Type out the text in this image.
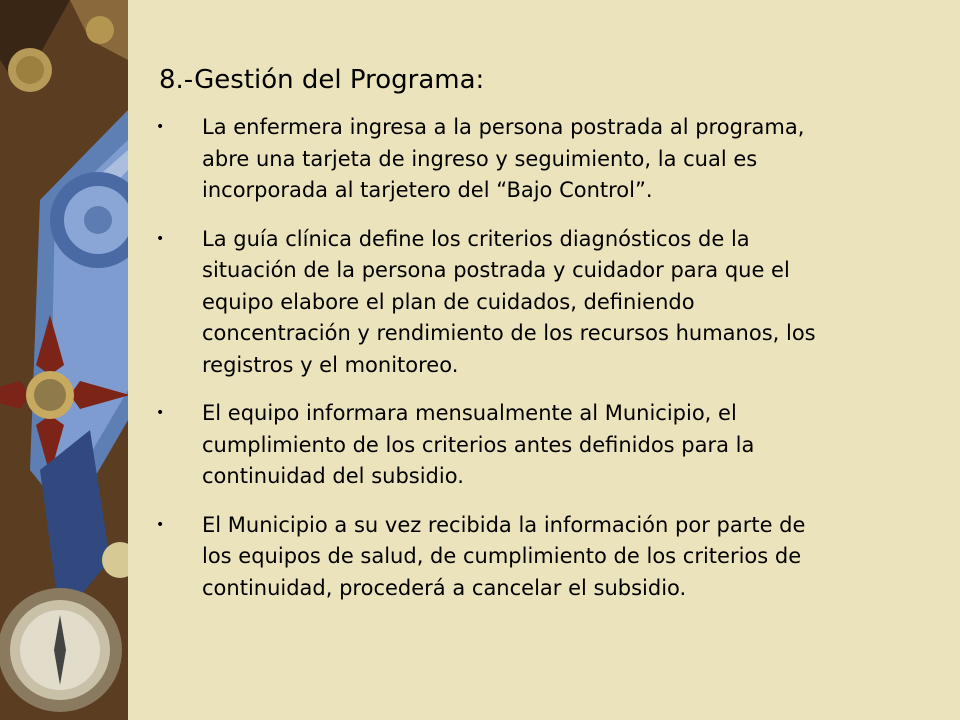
8.-Gestión del Programa:
• La enfermera ingresa a la persona postrada al programa,
abre una tarjeta de ingreso y seguimiento, la cual es
incorporada al tarjetero del “Bajo Control”.
• La guía clínica define los criterios diagnósticos de la
situación de la persona postrada y cuidador para que el
equipo elabore el plan de cuidados, definiendo
concentración y rendimiento de los recursos humanos, los
registros y el monitoreo.
• El equipo informara mensualmente al Municipio, el
cumplimiento de los criterios antes definidos para la
continuidad del subsidio.
• El Municipio a su vez recibida la información por parte de
los equipos de salud, de cumplimiento de los criterios de
continuidad, procederá a cancelar el subsidio.
